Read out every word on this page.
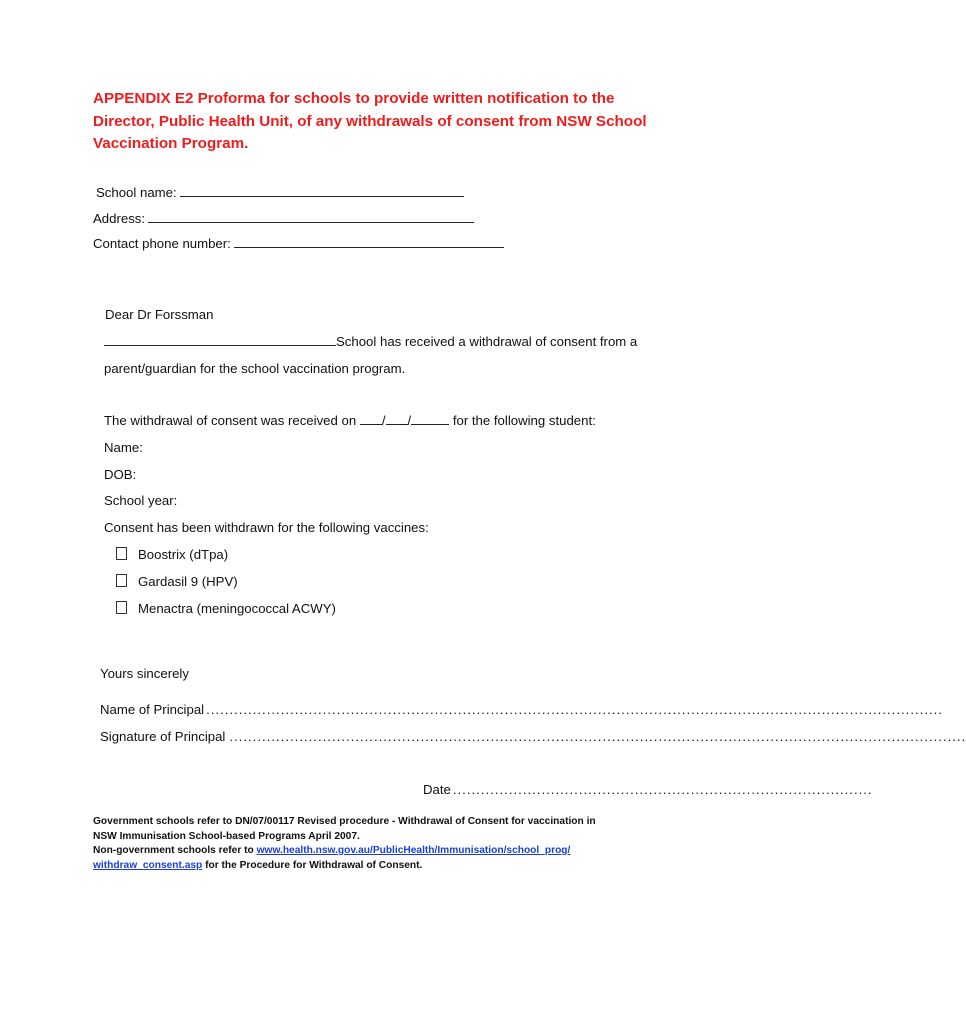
APPENDIX E2 Proforma for schools to provide written notification to the
Director, Public Health Unit, of any withdrawals of consent from NSW School
Vaccination Program.
School name:
Address:
Contact phone number:
Dear Dr Forssman
School has received a withdrawal of consent from a
parent/guardian for the school vaccination program.
The withdrawal of consent was received on / /	for the following student:
Name:
DOB:
School year:
Consent has been withdrawn for the following vaccines:
Boostrix (dTpa)
Gardasil 9 (HPV)
Menactra (meningococcal ACWY)
Yours sincerely
Name of Principal ..............................................................................................................................................................
Signature of Principal ..............................................................................................................................................................
Date ..........................................................................................
Government schools refer to DN/07/00117 Revised procedure - Withdrawal of Consent for vaccination in
NSW Immunisation School-based Programs April 2007.
Non-government schools refer to www.health.nsw.gov.au/PublicHealth/Immunisation/school_prog/
withdraw_consent.asp for the Procedure for Withdrawal of Consent.
